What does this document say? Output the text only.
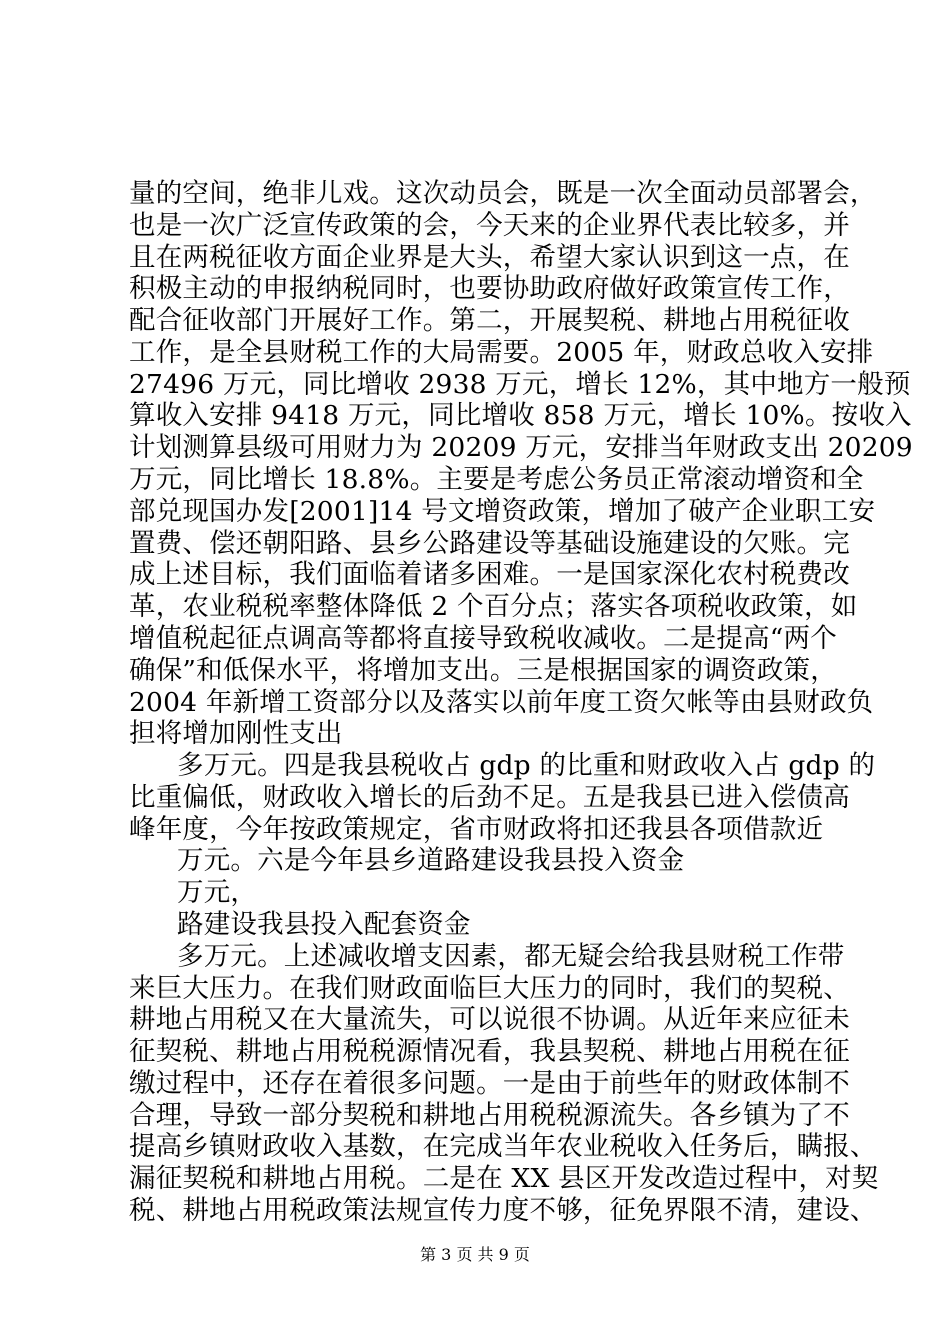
量的空间，绝非儿戏。这次动员会，既是一次全面动员部署会，
也是一次广泛宣传政策的会，今天来的企业界代表比较多，并
且在两税征收方面企业界是大头，希望大家认识到这一点，在
积极主动的申报纳税同时，也要协助政府做好政策宣传工作，
配合征收部门开展好工作。第二，开展契税、耕地占用税征收
工作，是全县财税工作的大局需要。2005 年，财政总收入安排
27496 万元，同比增收 2938 万元，增长 12%，其中地方一般预
算收入安排 9418 万元，同比增收 858 万元，增长 10%。按收入
计划测算县级可用财力为 20209 万元，安排当年财政支出 20209
万元，同比增长 18.8%。主要是考虑公务员正常滚动增资和全
部兑现国办发[2001]14 号文增资政策，增加了破产企业职工安
置费、偿还朝阳路、县乡公路建设等基础设施建设的欠账。完
成上述目标，我们面临着诸多困难。一是国家深化农村税费改
革，农业税税率整体降低 2 个百分点；落实各项税收政策，如
增值税起征点调高等都将直接导致税收减收。二是提高“两个
确保”和低保水平，将增加支出。三是根据国家的调资政策，
2004 年新增工资部分以及落实以前年度工资欠帐等由县财政负
担将增加刚性支出
多万元。四是我县税收占 gdp 的比重和财政收入占 gdp 的
比重偏低，财政收入增长的后劲不足。五是我县已进入偿债高
峰年度，今年按政策规定，省市财政将扣还我县各项借款近
万元。六是今年县乡道路建设我县投入资金
万元，
路建设我县投入配套资金
多万元。上述减收增支因素，都无疑会给我县财税工作带
来巨大压力。在我们财政面临巨大压力的同时，我们的契税、
耕地占用税又在大量流失，可以说很不协调。从近年来应征未
征契税、耕地占用税税源情况看，我县契税、耕地占用税在征
缴过程中，还存在着很多问题。一是由于前些年的财政体制不
合理，导致一部分契税和耕地占用税税源流失。各乡镇为了不
提高乡镇财政收入基数，在完成当年农业税收入任务后，瞒报、
漏征契税和耕地占用税。二是在 XX 县区开发改造过程中，对契
税、耕地占用税政策法规宣传力度不够，征免界限不清，建设、
第 3 页 共 9 页
